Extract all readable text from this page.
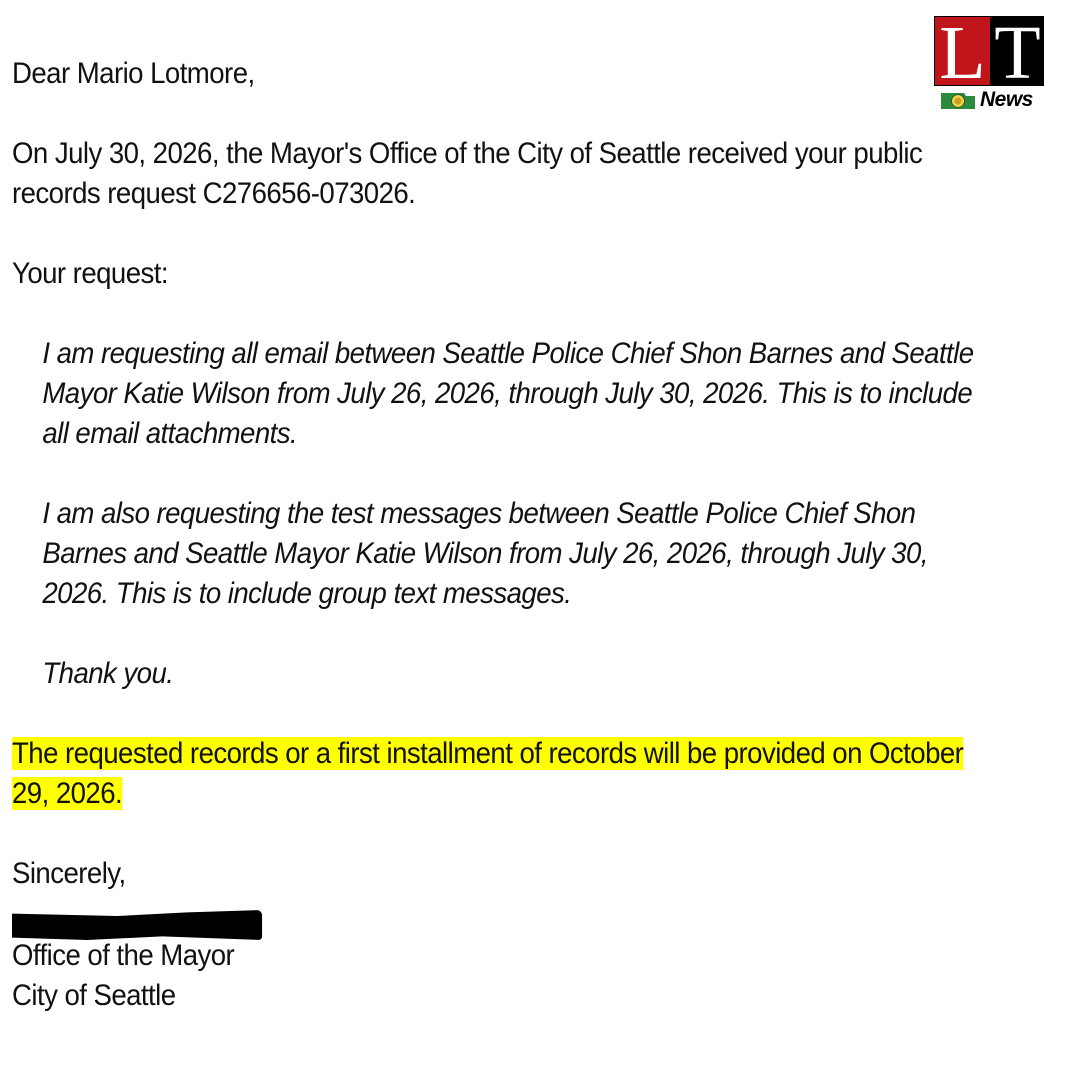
L T
News

Dear Mario Lotmore,

On July 30, 2026, the Mayor's Office of the City of Seattle received your public

records request C276656-073026.

Your request:

I am requesting all email between Seattle Police Chief Shon Barnes and Seattle

Mayor Katie Wilson from July 26, 2026, through July 30, 2026. This is to include

all email attachments.

I am also requesting the test messages between Seattle Police Chief Shon

Barnes and Seattle Mayor Katie Wilson from July 26, 2026, through July 30,

2026. This is to include group text messages.

Thank you.

The requested records or a first installment of records will be provided on October
29, 2026.

Sincerely,

Office of the Mayor

City of Seattle
